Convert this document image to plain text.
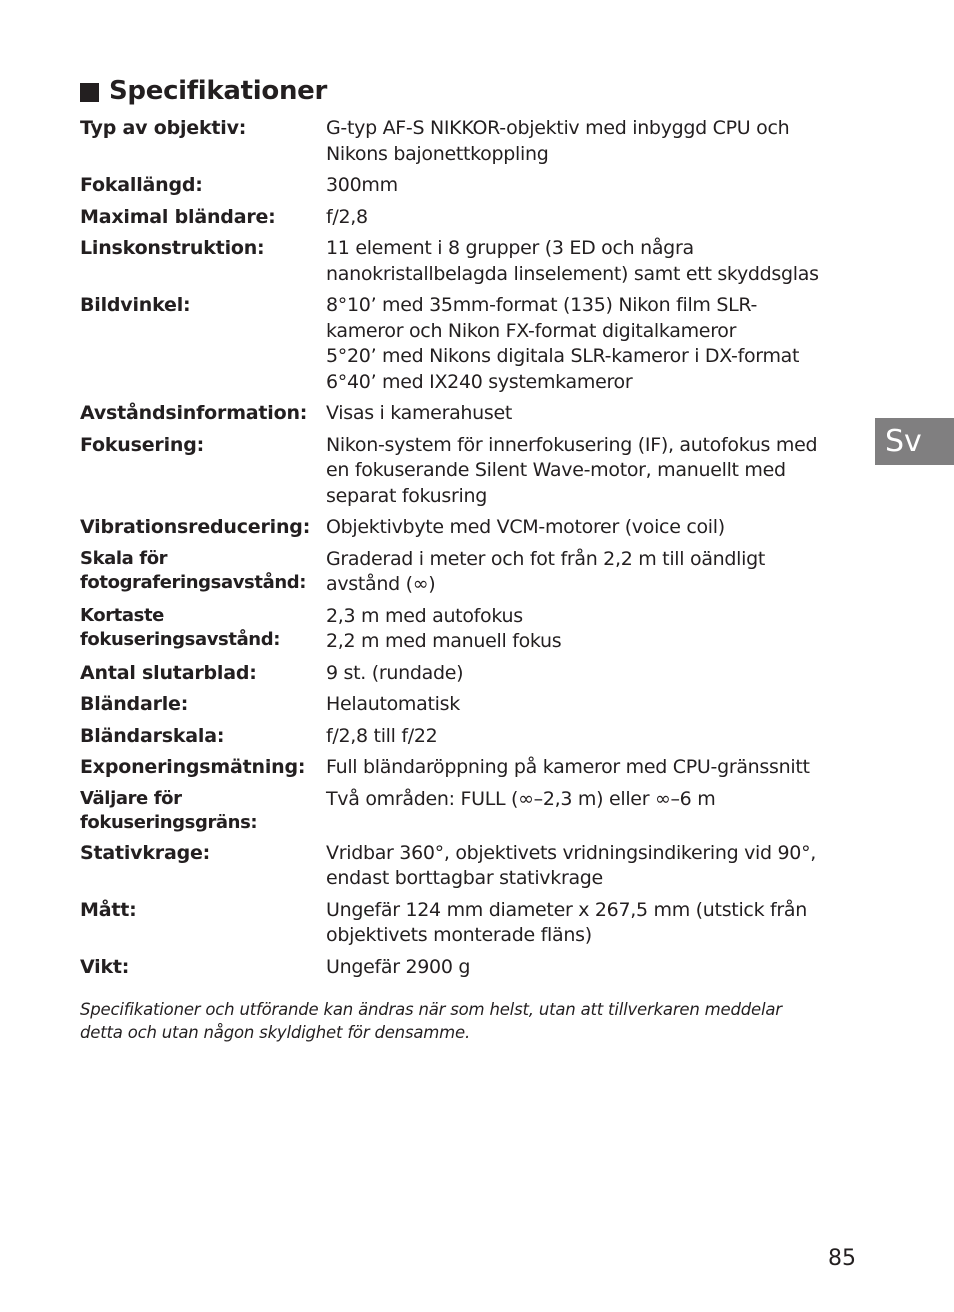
Specifikationer
Typ av objektiv:	G-typ AF-S NIKKOR-objektiv med inbyggd CPU och
Nikons bajonettkoppling
Fokallängd:	300mm
Maximal bländare:	f/2,8
Linskonstruktion:	11 element i 8 grupper (3 ED och några
nanokristallbelagda linselement) samt ett skyddsglas
Bildvinkel:	8°10’ med 35mm-format (135) Nikon film SLR-
kameror och Nikon FX-format digitalkameror
5°20’ med Nikons digitala SLR-kameror i DX-format
6°40’ med IX240 systemkameror
Avståndsinformation: Visas i kamerahuset
Fokusering:	Nikon-system för innerfokusering (IF), autofokus med
en fokuserande Silent Wave-motor, manuellt med
separat fokusring
Vibrationsreducering: Objektivbyte med VCM-motorer (voice coil)
Skala för
fotograferingsavstånd:
Graderad i meter och fot från 2,2 m till oändligt
avstånd (∞)
Kortaste
fokuseringsavstånd:
2,3 m med autofokus
2,2 m med manuell fokus
Antal slutarblad:	9 st. (rundade)
Bländarle:	Helautomatisk
Bländarskala:	f/2,8 till f/22
Exponeringsmätning:	Full bländaröppning på kameror med CPU-gränssnitt
Väljare för
fokuseringsgräns:
Två områden: FULL (∞–2,3 m) eller ∞–6 m
Stativkrage:	Vridbar 360°, objektivets vridningsindikering vid 90°,
endast borttagbar stativkrage
Mått:	Ungefär 124 mm diameter x 267,5 mm (utstick från
objektivets monterade fläns)
Vikt:	Ungefär 2900 g
Specifikationer och utförande kan ändras när som helst, utan att tillverkaren meddelar
detta och utan någon skyldighet för densamme.
Sv
85
